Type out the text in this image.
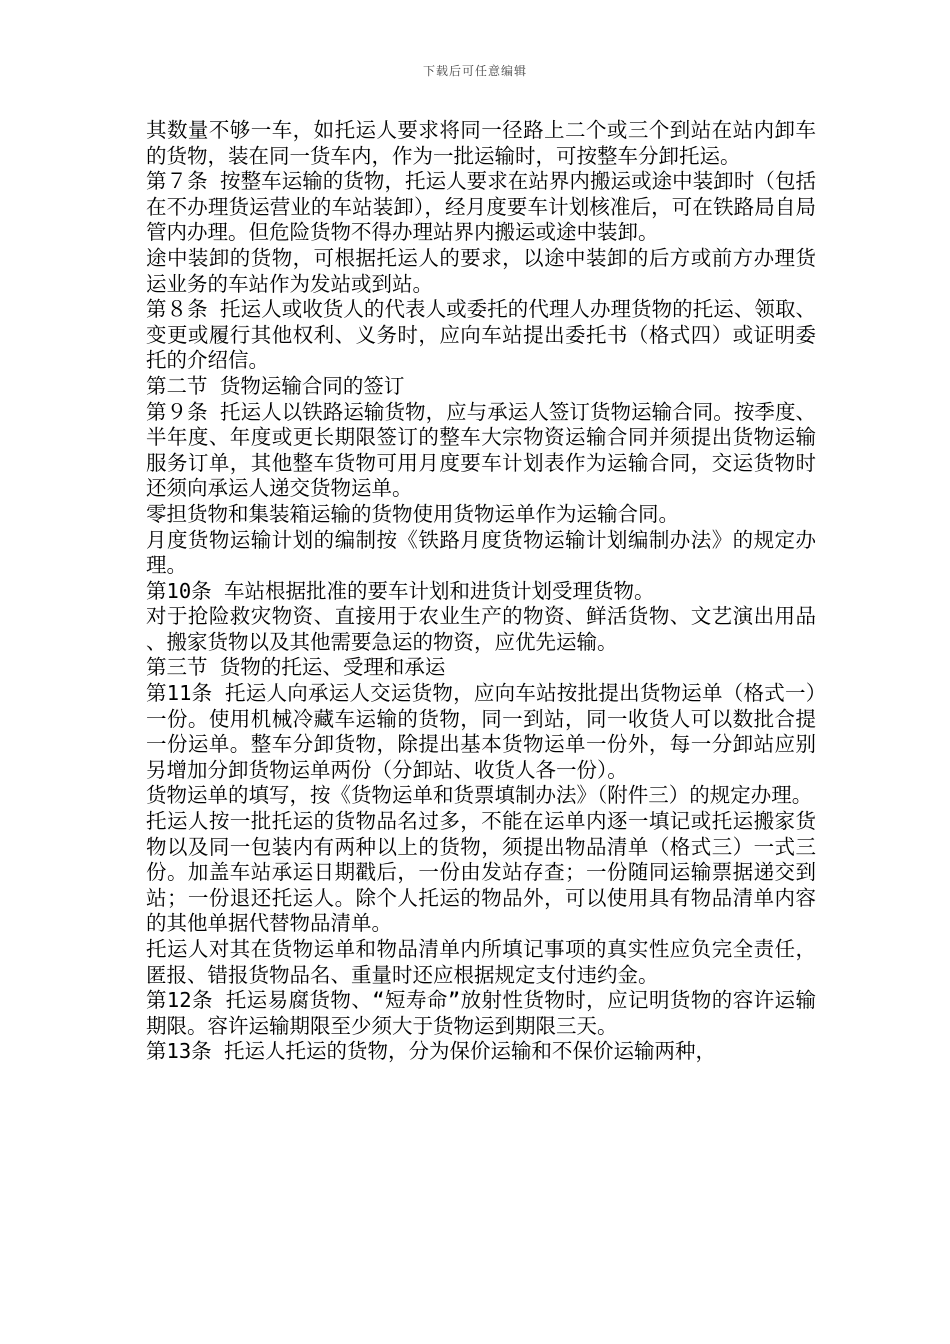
下载后可任意编辑

其数量不够一车，如托运人要求将同一径路上二个或三个到站在站内卸车的货物，装在同一货车内，作为一批运输时，可按整车分卸托运。

第７条 按整车运输的货物，托运人要求在站界内搬运或途中装卸时（包括在不办理货运营业的车站装卸），经月度要车计划核准后，可在铁路局自局管内办理。但危险货物不得办理站界内搬运或途中装卸。

途中装卸的货物，可根据托运人的要求，以途中装卸的后方或前方办理货运业务的车站作为发站或到站。

第８条 托运人或收货人的代表人或委托的代理人办理货物的托运、领取、变更或履行其他权利、义务时，应向车站提出委托书（格式四）或证明委托的介绍信。

第二节 货物运输合同的签订

第９条 托运人以铁路运输货物，应与承运人签订货物运输合同。按季度、半年度、年度或更长期限签订的整车大宗物资运输合同并须提出货物运输服务订单，其他整车货物可用月度要车计划表作为运输合同，交运货物时还须向承运人递交货物运单。

零担货物和集装箱运输的货物使用货物运单作为运输合同。

月度货物运输计划的编制按《铁路月度货物运输计划编制办法》的规定办理。

第10条 车站根据批准的要车计划和进货计划受理货物。

对于抢险救灾物资、直接用于农业生产的物资、鲜活货物、文艺演出用品、搬家货物以及其他需要急运的物资，应优先运输。

第三节 货物的托运、受理和承运

第11条 托运人向承运人交运货物，应向车站按批提出货物运单（格式一）一份。使用机械冷藏车运输的货物，同一到站，同一收货人可以数批合提一份运单。整车分卸货物，除提出基本货物运单一份外，每一分卸站应别另增加分卸货物运单两份（分卸站、收货人各一份）。

货物运单的填写，按《货物运单和货票填制办法》（附件三）的规定办理。

托运人按一批托运的货物品名过多，不能在运单内逐一填记或托运搬家货物以及同一包装内有两种以上的货物，须提出物品清单（格式三）一式三份。加盖车站承运日期戳后，一份由发站存查；一份随同运输票据递交到站；一份退还托运人。除个人托运的物品外，可以使用具有物品清单内容的其他单据代替物品清单。

托运人对其在货物运单和物品清单内所填记事项的真实性应负完全责任，匿报、错报货物品名、重量时还应根据规定支付违约金。

第12条 托运易腐货物、“短寿命”放射性货物时，应记明货物的容许运输期限。容许运输期限至少须大于货物运到期限三天。

第13条 托运人托运的货物，分为保价运输和不保价运输两种，
